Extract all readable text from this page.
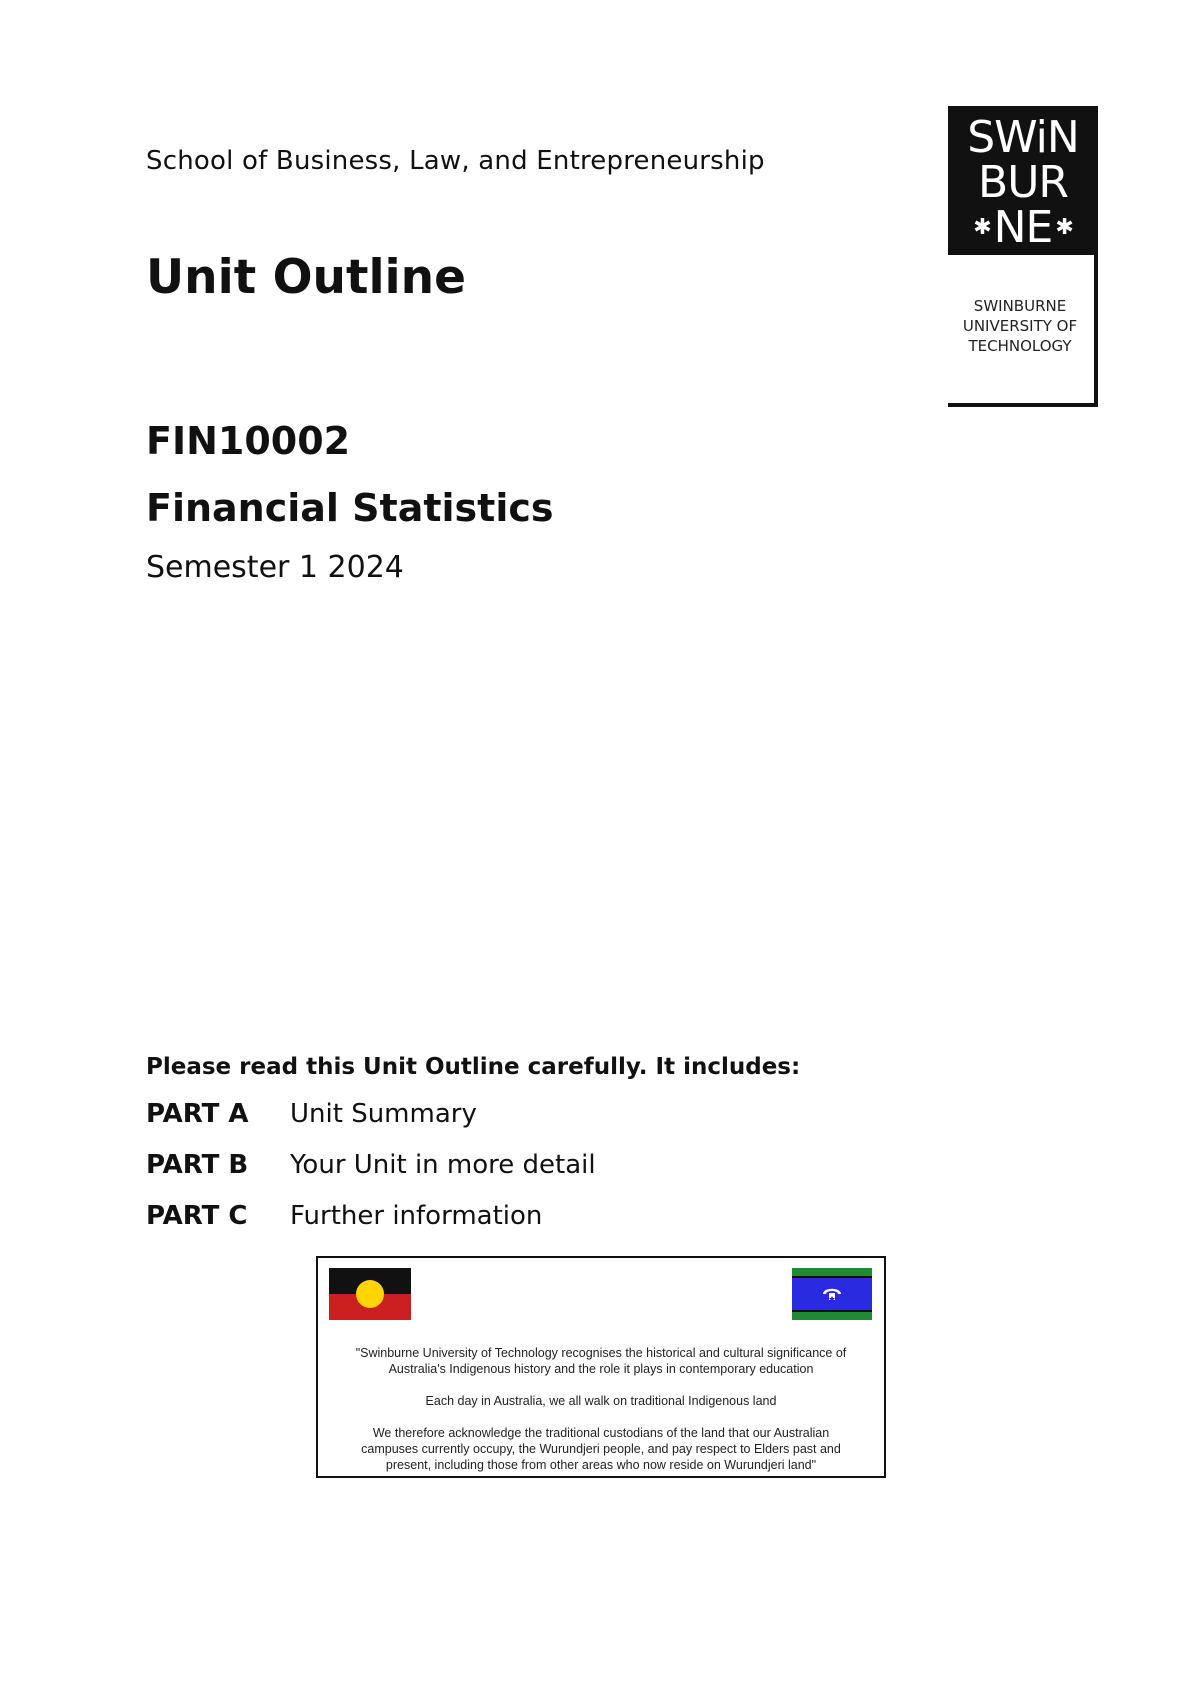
School of Business, Law, and Entrepreneurship
Unit Outline
FIN10002
Financial Statistics
Semester 1 2024
SWiN
BUR
✱NE ✱
SWINBURNE
UNIVERSITY OF
TECHNOLOGY
Please read this Unit Outline carefully. It includes:
PART A Unit Summary
PART B Your Unit in more detail
PART C Further information
"Swinburne University of Technology recognises the historical and cultural significance of
Australia's Indigenous history and the role it plays in contemporary education
Each day in Australia, we all walk on traditional Indigenous land
We therefore acknowledge the traditional custodians of the land that our Australian
campuses currently occupy, the Wurundjeri people, and pay respect to Elders past and
present, including those from other areas who now reside on Wurundjeri land"
